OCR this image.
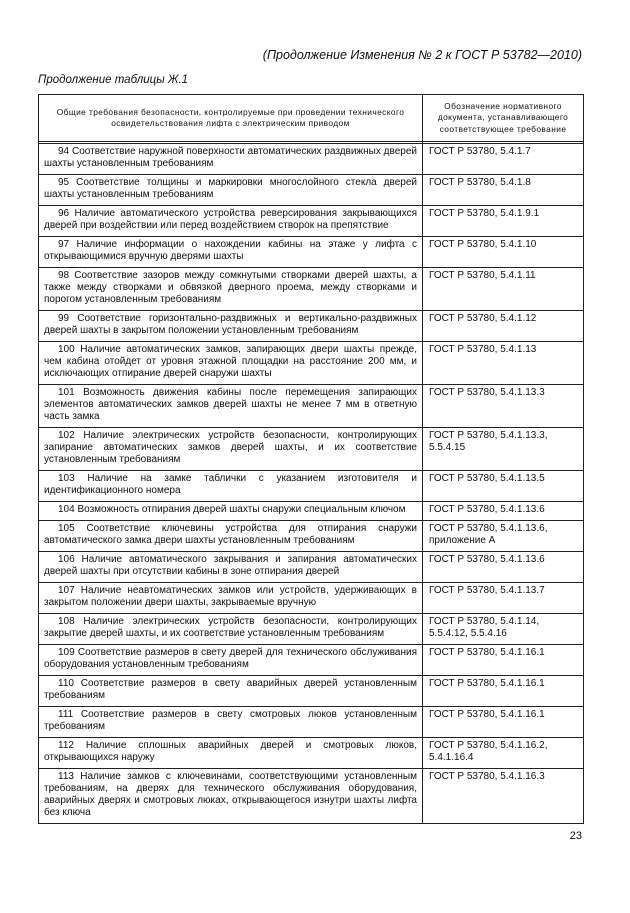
(Продолжение Изменения № 2 к ГОСТ Р 53782—2010)
Продолжение таблицы Ж.1
Общие требования безопасности, контролируемые при проведении технического освидетельствования лифта с электрическим приводом	Обозначение нормативного документа, устанавливающего соответствующее требование

94 Соответствие наружной поверхности автоматических раздвижных дверей шахты установленным требованиям	ГОСТ Р 53780, 5.4.1.7
95 Соответствие толщины и маркировки многослойного стекла дверей шахты установленным требованиям	ГОСТ Р 53780, 5.4.1.8
96 Наличие автоматического устройства реверсирования закрывающихся дверей при воздействии или перед воздействием створок на препятствие	ГОСТ Р 53780, 5.4.1.9.1
97 Наличие информации о нахождении кабины на этаже у лифта с открывающимися вручную дверями шахты	ГОСТ Р 53780, 5.4.1.10
98 Соответствие зазоров между сомкнутыми створками дверей шахты, а также между створками и обвязкой дверного проема, между створками и порогом установленным требованиям	ГОСТ Р 53780, 5.4.1.11
99 Соответствие горизонтально-раздвижных и вертикально-раздвижных дверей шахты в закрытом положении установленным требованиям	ГОСТ Р 53780, 5.4.1.12
100 Наличие автоматических замков, запирающих двери шахты прежде, чем кабина отойдет от уровня этажной площадки на расстояние 200 мм, и исключающих отпирание дверей снаружи шахты	ГОСТ Р 53780, 5.4.1.13
101 Возможность движения кабины после перемещения запирающих элементов автоматических замков дверей шахты не менее 7 мм в ответную часть замка	ГОСТ Р 53780, 5.4.1.13.3
102 Наличие электрических устройств безопасности, контролирующих запирание автоматических замков дверей шахты, и их соответствие установленным требованиям	ГОСТ Р 53780, 5.4.1.13.3, 5.5.4.15
103 Наличие на замке таблички с указанием изготовителя и идентификационного номера	ГОСТ Р 53780, 5.4.1.13.5
104 Возможность отпирания дверей шахты снаружи специальным ключом	ГОСТ Р 53780, 5.4.1.13.6
105 Соответствие ключевины устройства для отпирания снаружи автоматического замка двери шахты установленным требованиям	ГОСТ Р 53780, 5.4.1.13.6, приложение А
106 Наличие автоматического закрывания и запирания автоматических дверей шахты при отсутствии кабины в зоне отпирания дверей	ГОСТ Р 53780, 5.4.1.13.6
107 Наличие неавтоматических замков или устройств, удерживающих в закрытом положении двери шахты, закрываемые вручную	ГОСТ Р 53780, 5.4.1.13.7
108 Наличие электрических устройств безопасности, контролирующих закрытие дверей шахты, и их соответствие установленным требованиям	ГОСТ Р 53780, 5.4.1.14, 5.5.4.12, 5.5.4.16
109 Соответствие размеров в свету дверей для технического обслуживания оборудования установленным требованиям	ГОСТ Р 53780, 5.4.1.16.1
110 Соответствие размеров в свету аварийных дверей установленным требованиям	ГОСТ Р 53780, 5.4.1.16.1
111 Соответствие размеров в свету смотровых люков установленным требованиям	ГОСТ Р 53780, 5.4.1.16.1
112 Наличие сплошных аварийных дверей и смотровых люков, открывающихся наружу	ГОСТ Р 53780, 5.4.1.16.2, 5.4.1.16.4
113 Наличие замков с ключевинами, соответствующими установленным требованиям, на дверях для технического обслуживания оборудования, аварийных дверях и смотровых люках, открывающегося изнутри шахты лифта без ключа	ГОСТ Р 53780, 5.4.1.16.3
23
